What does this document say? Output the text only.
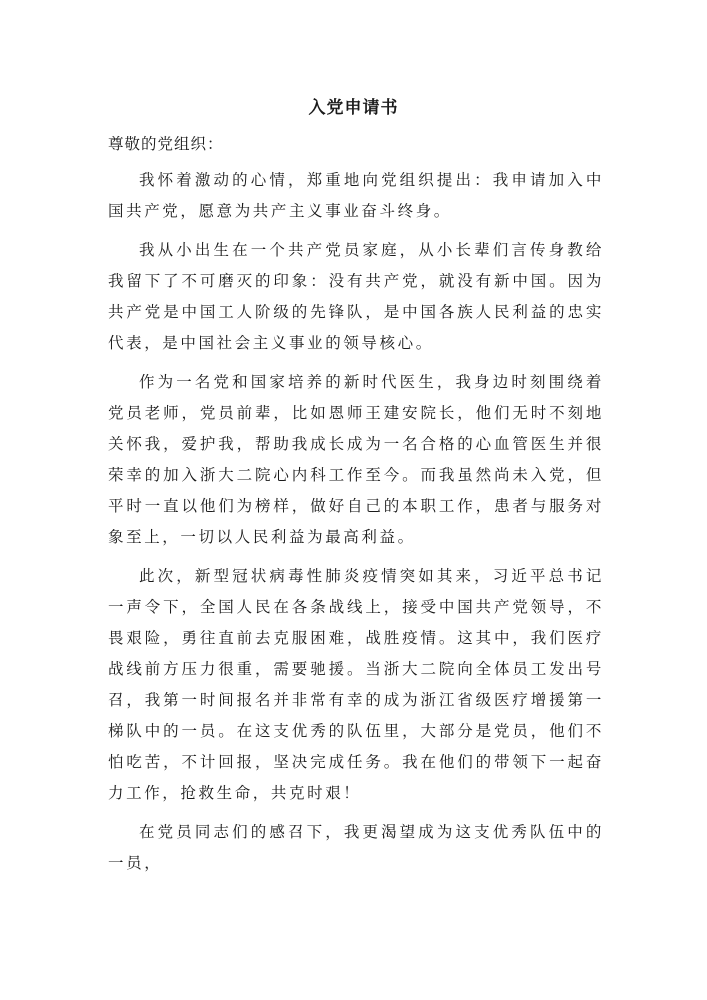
入党申请书
尊敬的党组织：

我怀着激动的心情，郑重地向党组织提出：我申请加入中国共产党，愿意为共产主义事业奋斗终身。

我从小出生在一个共产党员家庭，从小长辈们言传身教给我留下了不可磨灭的印象：没有共产党，就没有新中国。因为共产党是中国工人阶级的先锋队，是中国各族人民利益的忠实代表，是中国社会主义事业的领导核心。

作为一名党和国家培养的新时代医生，我身边时刻围绕着党员老师，党员前辈，比如恩师王建安院长，他们无时不刻地关怀我，爱护我，帮助我成长成为一名合格的心血管医生并很荣幸的加入浙大二院心内科工作至今。而我虽然尚未入党，但平时一直以他们为榜样，做好自己的本职工作，患者与服务对象至上，一切以人民利益为最高利益。

此次，新型冠状病毒性肺炎疫情突如其来，习近平总书记一声令下，全国人民在各条战线上，接受中国共产党领导，不畏艰险，勇往直前去克服困难，战胜疫情。这其中，我们医疗战线前方压力很重，需要驰援。当浙大二院向全体员工发出号召，我第一时间报名并非常有幸的成为浙江省级医疗增援第一梯队中的一员。在这支优秀的队伍里，大部分是党员，他们不怕吃苦，不计回报，坚决完成任务。我在他们的带领下一起奋力工作，抢救生命，共克时艰！

在党员同志们的感召下，我更渴望成为这支优秀队伍中的一员，
